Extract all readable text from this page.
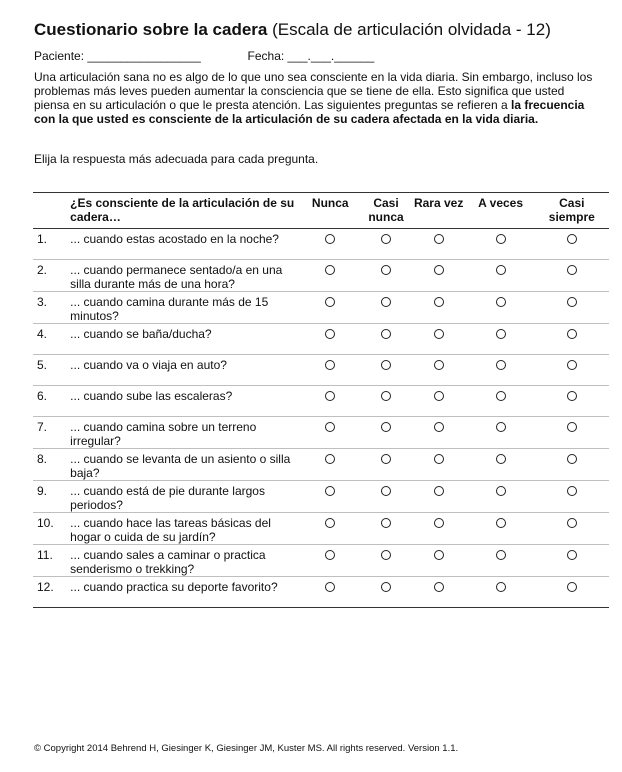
Cuestionario sobre la cadera (Escala de articulación olvidada - 12)
Paciente: _________________	Fecha: ___.___.______
Una articulación sana no es algo de lo que uno sea consciente en la vida diaria. Sin embargo, incluso los problemas más leves pueden aumentar la consciencia que se tiene de ella. Esto significa que usted piensa en su articulación o que le presta atención. Las siguientes preguntas se refieren a la frecuencia con la que usted es consciente de la articulación de su cadera afectada en la vida diaria.
Elija la respuesta más adecuada para cada pregunta.
	¿Es consciente de la articulación de su cadera…	Nunca	Casi nunca	Rara vez	A veces	Casi siempre
1.	... cuando estas acostado en la noche?					
2.	... cuando permanece sentado/a en una silla durante más de una hora?					
3.	... cuando camina durante más de 15 minutos?					
4.	... cuando se baña/ducha?					
5.	... cuando va o viaja en auto?					
6.	... cuando sube las escaleras?					
7.	... cuando camina sobre un terreno irregular?					
8.	... cuando se levanta de un asiento o silla baja?					
9.	... cuando está de pie durante largos periodos?					
10.	... cuando hace las tareas básicas del hogar o cuida de su jardín?					
11.	... cuando sales a caminar o practica senderismo o trekking?					
12.	... cuando practica su deporte favorito?					
© Copyright 2014 Behrend H, Giesinger K, Giesinger JM, Kuster MS. All rights reserved. Version 1.1.
